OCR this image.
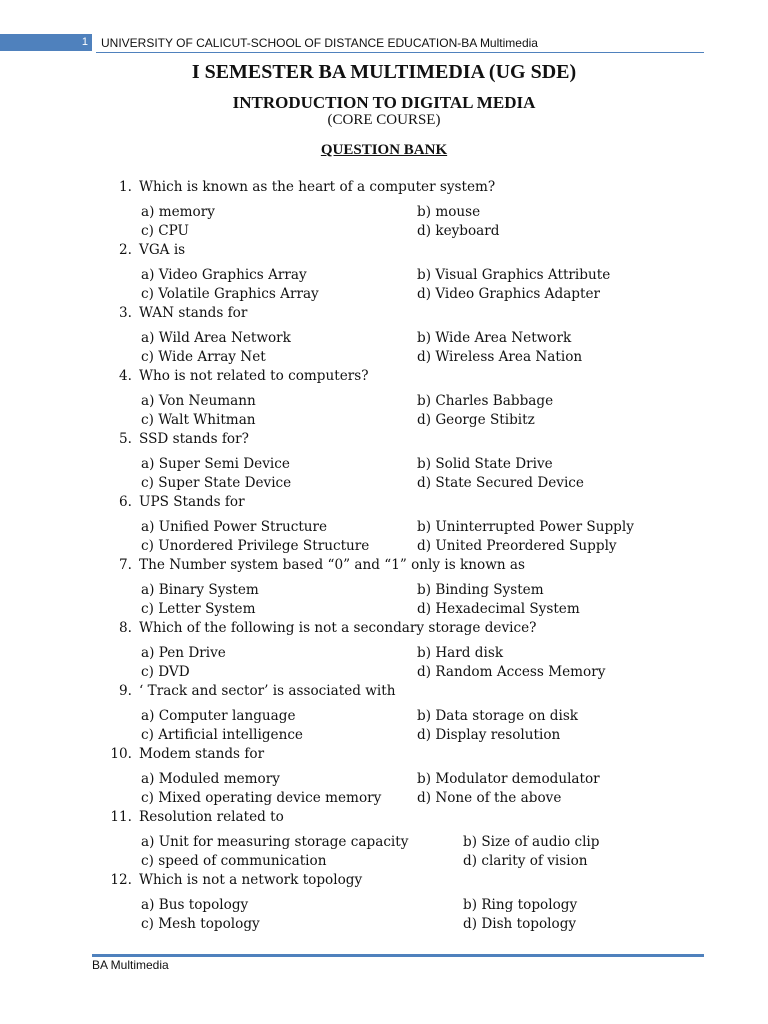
1 UNIVERSITY OF CALICUT-SCHOOL OF DISTANCE EDUCATION-BA Multimedia
I SEMESTER BA MULTIMEDIA (UG SDE)
INTRODUCTION TO DIGITAL MEDIA
(CORE COURSE)
QUESTION BANK
1. Which is known as the heart of a computer system?
a) memory	b) mouse
c) CPU	d) keyboard
2. VGA is
a) Video Graphics Array	b) Visual Graphics Attribute
c) Volatile Graphics Array	d) Video Graphics Adapter
3. WAN stands for
a) Wild Area Network	b) Wide Area Network
c) Wide Array Net	d) Wireless Area Nation
4. Who is not related to computers?
a) Von Neumann	b) Charles Babbage
c) Walt Whitman	d) George Stibitz
5. SSD stands for?
a) Super Semi Device	b) Solid State Drive
c) Super State Device	d) State Secured Device
6. UPS Stands for
a) Unified Power Structure	b) Uninterrupted Power Supply
c) Unordered Privilege Structure	d) United Preordered Supply
7. The Number system based “0” and “1” only is known as
a) Binary System	b) Binding System
c) Letter System	d) Hexadecimal System
8. Which of the following is not a secondary storage device?
a) Pen Drive	b) Hard disk
c) DVD	d) Random Access Memory
9. ‘ Track and sector’ is associated with
a) Computer language	b) Data storage on disk
c) Artificial intelligence	d) Display resolution
10. Modem stands for
a) Moduled memory	b) Modulator demodulator
c) Mixed operating device memory	d) None of the above
11. Resolution related to
a) Unit for measuring storage capacity	b) Size of audio clip
c) speed of communication	d) clarity of vision
12. Which is not a network topology
a) Bus topology	b) Ring topology
c) Mesh topology	d) Dish topology
BA Multimedia
